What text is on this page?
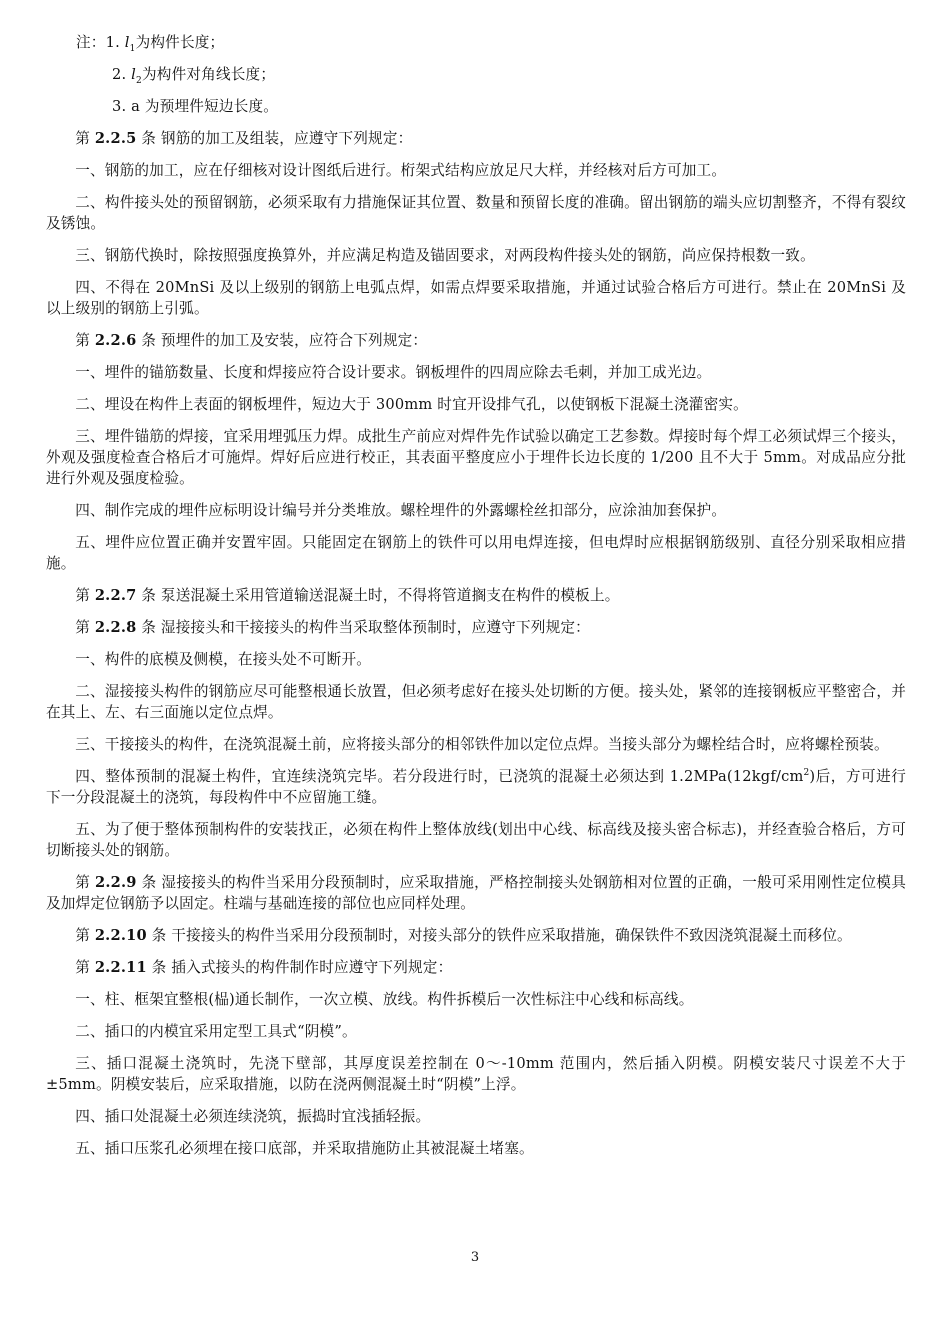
注：1. $l_1$为构件长度；

2. $l_2$为构件对角线长度；

3. a 为预埋件短边长度。

第 2.2.5 条 钢筋的加工及组装，应遵守下列规定：

一、钢筋的加工，应在仔细核对设计图纸后进行。桁架式结构应放足尺大样，并经核对后方可加工。

二、构件接头处的预留钢筋，必须采取有力措施保证其位置、数量和预留长度的准确。留出钢筋的端头应切割整齐，不得有裂纹及锈蚀。

三、钢筋代换时，除按照强度换算外，并应满足构造及锚固要求，对两段构件接头处的钢筋，尚应保持根数一致。

四、不得在 20MnSi 及以上级别的钢筋上电弧点焊，如需点焊要采取措施，并通过试验合格后方可进行。禁止在 20MnSi 及以上级别的钢筋上引弧。

第 2.2.6 条 预埋件的加工及安装，应符合下列规定：

一、埋件的锚筋数量、长度和焊接应符合设计要求。钢板埋件的四周应除去毛刺，并加工成光边。

二、埋设在构件上表面的钢板埋件，短边大于 300mm 时宜开设排气孔，以使钢板下混凝土浇灌密实。

三、埋件锚筋的焊接，宜采用埋弧压力焊。成批生产前应对焊件先作试验以确定工艺参数。焊接时每个焊工必须试焊三个接头，外观及强度检查合格后才可施焊。焊好后应进行校正，其表面平整度应小于埋件长边长度的 1/200 且不大于 5mm。对成品应分批进行外观及强度检验。

四、制作完成的埋件应标明设计编号并分类堆放。螺栓埋件的外露螺栓丝扣部分，应涂油加套保护。

五、埋件应位置正确并安置牢固。只能固定在钢筋上的铁件可以用电焊连接，但电焊时应根据钢筋级别、直径分别采取相应措施。

第 2.2.7 条 泵送混凝土采用管道输送混凝土时，不得将管道搁支在构件的模板上。

第 2.2.8 条 湿接接头和干接接头的构件当采取整体预制时，应遵守下列规定：

一、构件的底模及侧模，在接头处不可断开。

二、湿接接头构件的钢筋应尽可能整根通长放置，但必须考虑好在接头处切断的方便。接头处，紧邻的连接钢板应平整密合，并在其上、左、右三面施以定位点焊。

三、干接接头的构件，在浇筑混凝土前，应将接头部分的相邻铁件加以定位点焊。当接头部分为螺栓结合时，应将螺栓预装。

四、整体预制的混凝土构件，宜连续浇筑完毕。若分段进行时，已浇筑的混凝土必须达到 $1.2MPa(12kgf/cm^2)$后，方可进行下一分段混凝土的浇筑，每段构件中不应留施工缝。

五、为了便于整体预制构件的安装找正，必须在构件上整体放线(划出中心线、标高线及接头密合标志)，并经查验合格后，方可切断接头处的钢筋。

第 2.2.9 条 湿接接头的构件当采用分段预制时，应采取措施，严格控制接头处钢筋相对位置的正确，一般可采用刚性定位模具及加焊定位钢筋予以固定。柱端与基础连接的部位也应同样处理。

第 2.2.10 条 干接接头的构件当采用分段预制时，对接头部分的铁件应采取措施，确保铁件不致因浇筑混凝土而移位。

第 2.2.11 条 插入式接头的构件制作时应遵守下列规定：

一、柱、框架宜整根(榀)通长制作，一次立模、放线。构件拆模后一次性标注中心线和标高线。

二、插口的内模宜采用定型工具式“阴模”。

三、插口混凝土浇筑时，先浇下壁部，其厚度误差控制在 0～-10mm 范围内，然后插入阴模。阴模安装尺寸误差不大于±5mm。阴模安装后，应采取措施，以防在浇两侧混凝土时“阴模”上浮。

四、插口处混凝土必须连续浇筑，振捣时宜浅插轻振。

五、插口压浆孔必须埋在接口底部，并采取措施防止其被混凝土堵塞。

3
